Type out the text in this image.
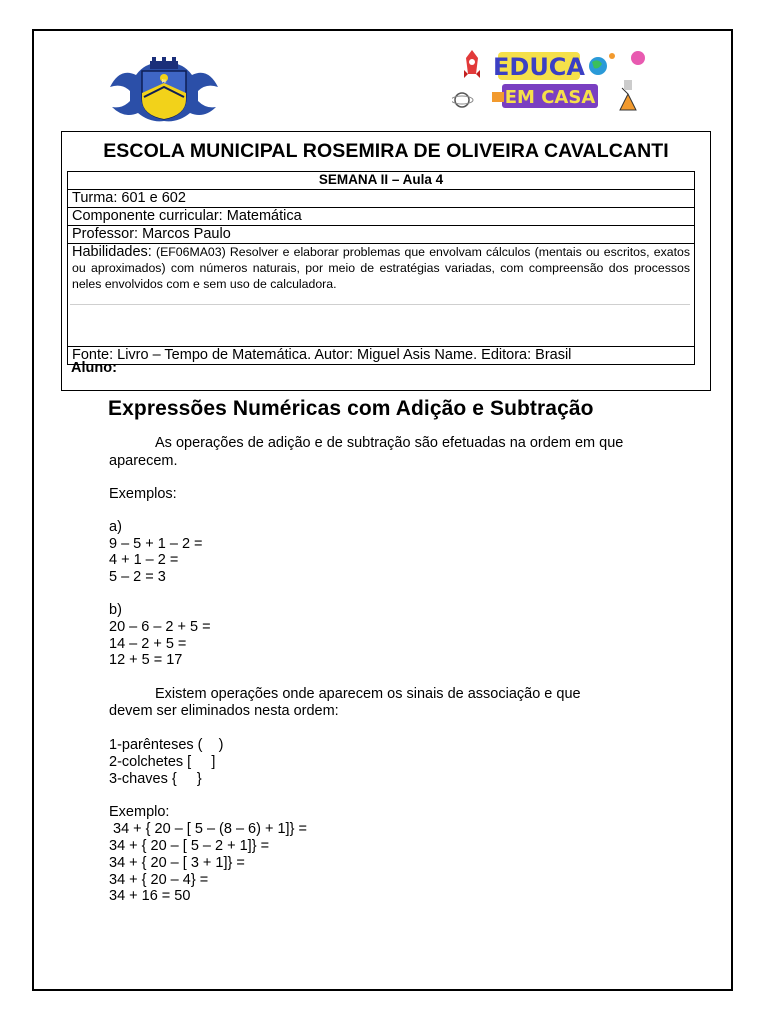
PII
EDUCA
EM CASA
ESCOLA MUNICIPAL ROSEMIRA DE OLIVEIRA CAVALCANTI
SEMANA II – Aula 4
Turma: 601 e 602
Componente curricular: Matemática
Professor: Marcos Paulo

Habilidades: (EF06MA03) Resolver e elaborar problemas que envolvam cálculos (mentais ou escritos, exatos ou aproximados) com números naturais, por meio de estratégias variadas, com compreensão dos processos neles envolvidos com e sem uso de calculadora.

Fonte: Livro – Tempo de Matemática. Autor: Miguel Asis Name. Editora: Brasil
Aluno:
Expressões Numéricas com Adição e Subtração
As operações de adição e de subtração são efetuadas na ordem em que
aparecem.
Exemplos:
a)
9 – 5 + 1 – 2 =
4 + 1 – 2 =
5 – 2 = 3
b)
20 – 6 – 2 + 5 =
14 – 2 + 5 =
12 + 5 = 17
Existem operações onde aparecem os sinais de associação e que
devem ser eliminados nesta ordem:
1-parênteses (    )
2-colchetes [     ]
3-chaves {     }
Exemplo:
34 + { 20 – [ 5 – (8 – 6) + 1]} =
34 + { 20 – [ 5 – 2 + 1]} =
34 + { 20 – [ 3 + 1]} =
34 + { 20 – 4} =
34 + 16 = 50
